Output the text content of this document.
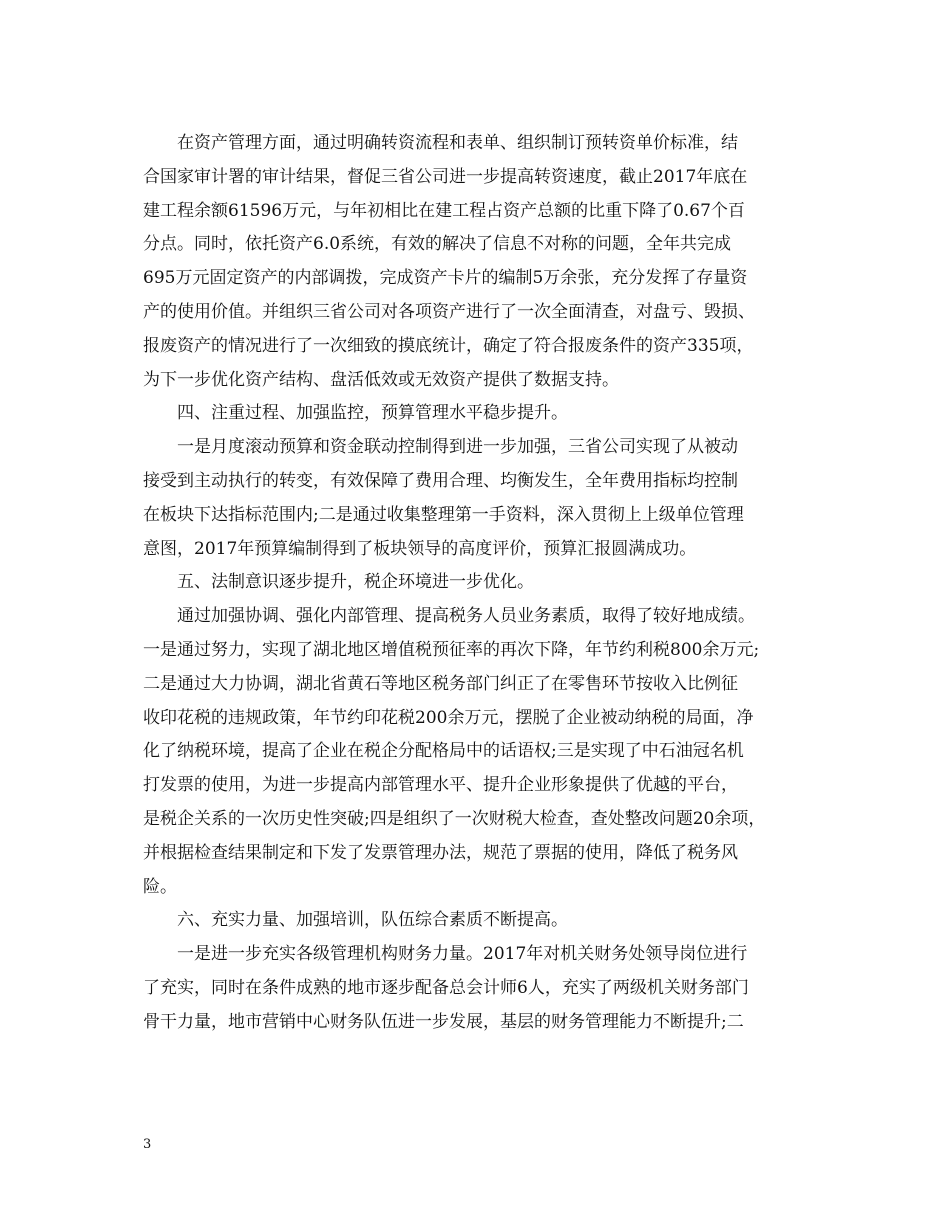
在资产管理方面，通过明确转资流程和表单、组织制订预转资单价标准，结
合国家审计署的审计结果，督促三省公司进一步提高转资速度，截止2017年底在
建工程余额61596万元，与年初相比在建工程占资产总额的比重下降了0.67个百
分点。同时，依托资产6.0系统，有效的解决了信息不对称的问题，全年共完成
695万元固定资产的内部调拨，完成资产卡片的编制5万余张，充分发挥了存量资
产的使用价值。并组织三省公司对各项资产进行了一次全面清查，对盘亏、毁损、
报废资产的情况进行了一次细致的摸底统计，确定了符合报废条件的资产335项，
为下一步优化资产结构、盘活低效或无效资产提供了数据支持。
四、注重过程、加强监控，预算管理水平稳步提升。
一是月度滚动预算和资金联动控制得到进一步加强，三省公司实现了从被动
接受到主动执行的转变，有效保障了费用合理、均衡发生，全年费用指标均控制
在板块下达指标范围内;二是通过收集整理第一手资料，深入贯彻上上级单位管理
意图，2017年预算编制得到了板块领导的高度评价，预算汇报圆满成功。
五、法制意识逐步提升，税企环境进一步优化。
通过加强协调、强化内部管理、提高税务人员业务素质，取得了较好地成绩。
一是通过努力，实现了湖北地区增值税预征率的再次下降，年节约利税800余万元;
二是通过大力协调，湖北省黄石等地区税务部门纠正了在零售环节按收入比例征
收印花税的违规政策，年节约印花税200余万元，摆脱了企业被动纳税的局面，净
化了纳税环境，提高了企业在税企分配格局中的话语权;三是实现了中石油冠名机
打发票的使用，为进一步提高内部管理水平、提升企业形象提供了优越的平台，
是税企关系的一次历史性突破;四是组织了一次财税大检查，查处整改问题20余项，
并根据检查结果制定和下发了发票管理办法，规范了票据的使用，降低了税务风
险。
六、充实力量、加强培训，队伍综合素质不断提高。
一是进一步充实各级管理机构财务力量。2017年对机关财务处领导岗位进行
了充实，同时在条件成熟的地市逐步配备总会计师6人，充实了两级机关财务部门
骨干力量，地市营销中心财务队伍进一步发展，基层的财务管理能力不断提升;二
3
